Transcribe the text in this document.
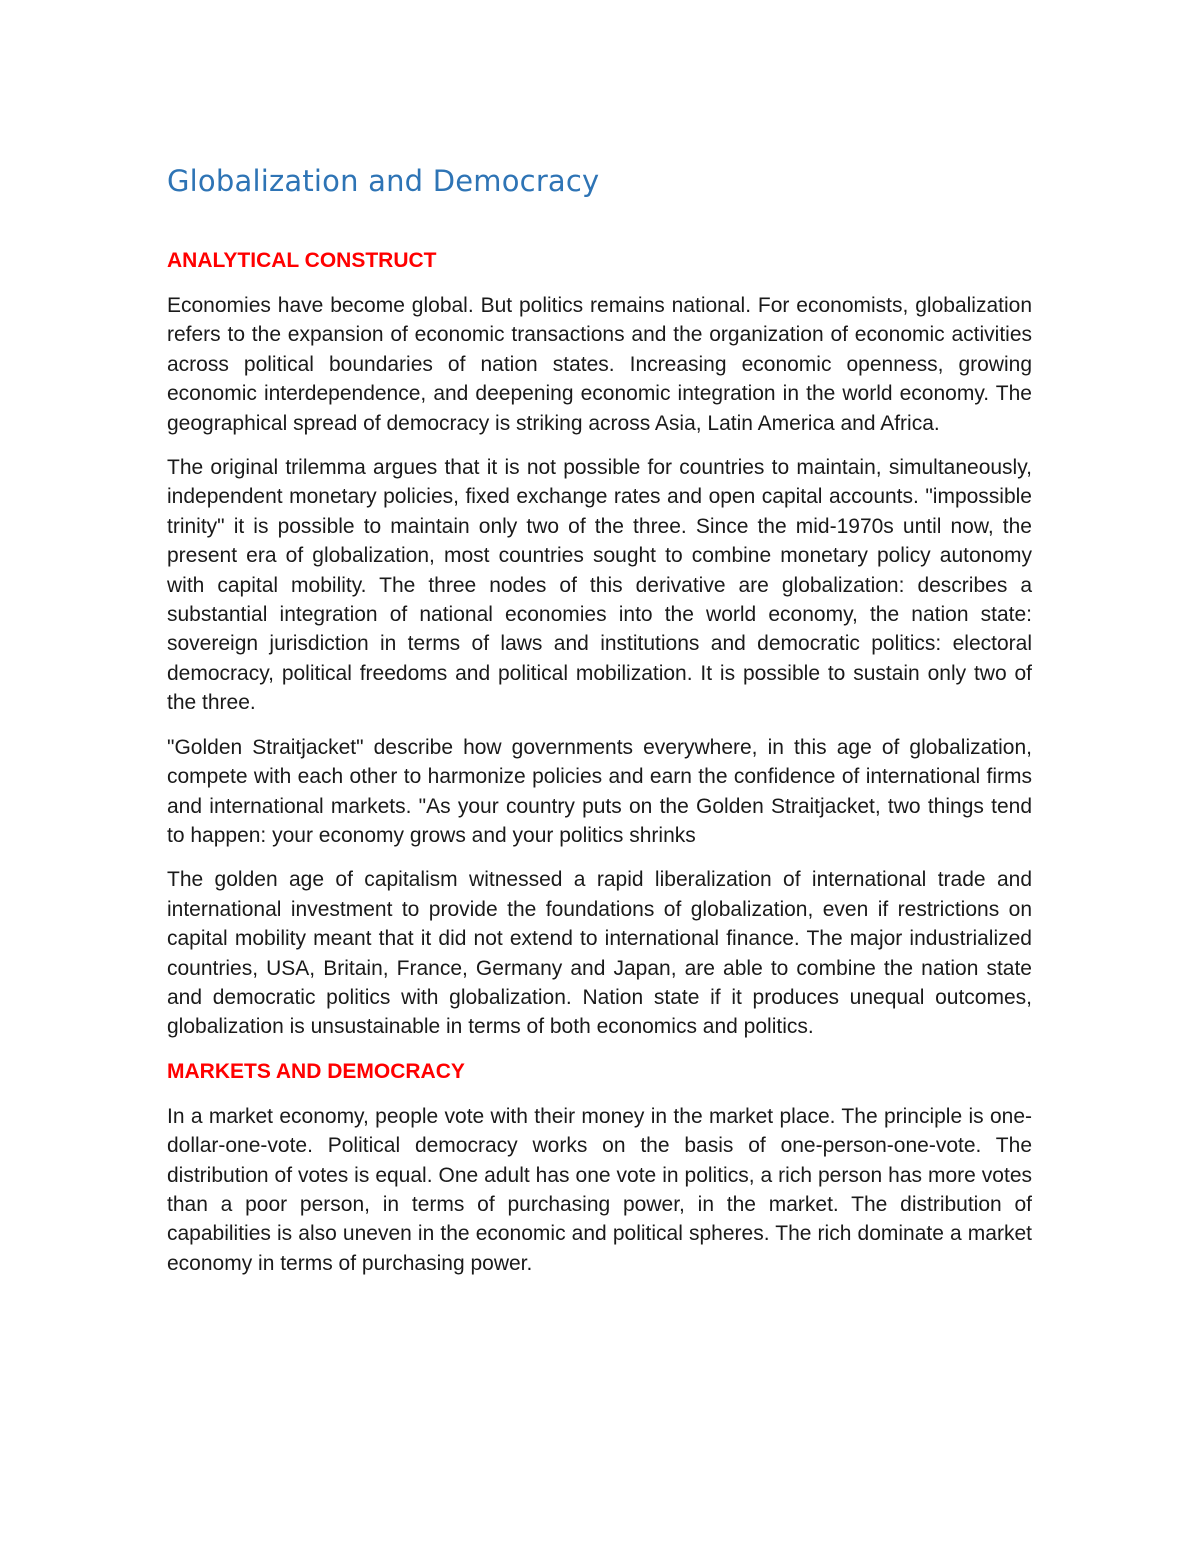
Globalization and Democracy
ANALYTICAL CONSTRUCT

Economies have become global. But politics remains national. For economists, globalization refers to the expansion of economic transactions and the organization of economic activities across political boundaries of nation states. Increasing economic openness, growing economic interdependence, and deepening economic integration in the world economy. The geographical spread of democracy is striking across Asia, Latin America and Africa.

The original trilemma argues that it is not possible for countries to maintain, simultaneously, independent monetary policies, fixed exchange rates and open capital accounts. "impossible trinity" it is possible to maintain only two of the three. Since the mid-1970s until now, the present era of globalization, most countries sought to combine monetary policy autonomy with capital mobility. The three nodes of this derivative are globalization: describes a substantial integration of national economies into the world economy, the nation state: sovereign jurisdiction in terms of laws and institutions and democratic politics: electoral democracy, political freedoms and political mobilization. It is possible to sustain only two of the three.

"Golden Straitjacket" describe how governments everywhere, in this age of globalization, compete with each other to harmonize policies and earn the confidence of international firms and international markets. "As your country puts on the Golden Straitjacket, two things tend to happen: your economy grows and your politics shrinks

The golden age of capitalism witnessed a rapid liberalization of international trade and international investment to provide the foundations of globalization, even if restrictions on capital mobility meant that it did not extend to international finance. The major industrialized countries, USA, Britain, France, Germany and Japan, are able to combine the nation state and democratic politics with globalization. Nation state if it produces unequal outcomes, globalization is unsustainable in terms of both economics and politics.

MARKETS AND DEMOCRACY

In a market economy, people vote with their money in the market place. The principle is one-dollar-one-vote. Political democracy works on the basis of one-person-one-vote. The distribution of votes is equal. One adult has one vote in politics, a rich person has more votes than a poor person, in terms of purchasing power, in the market. The distribution of capabilities is also uneven in the economic and political spheres. The rich dominate a market economy in terms of purchasing power.
